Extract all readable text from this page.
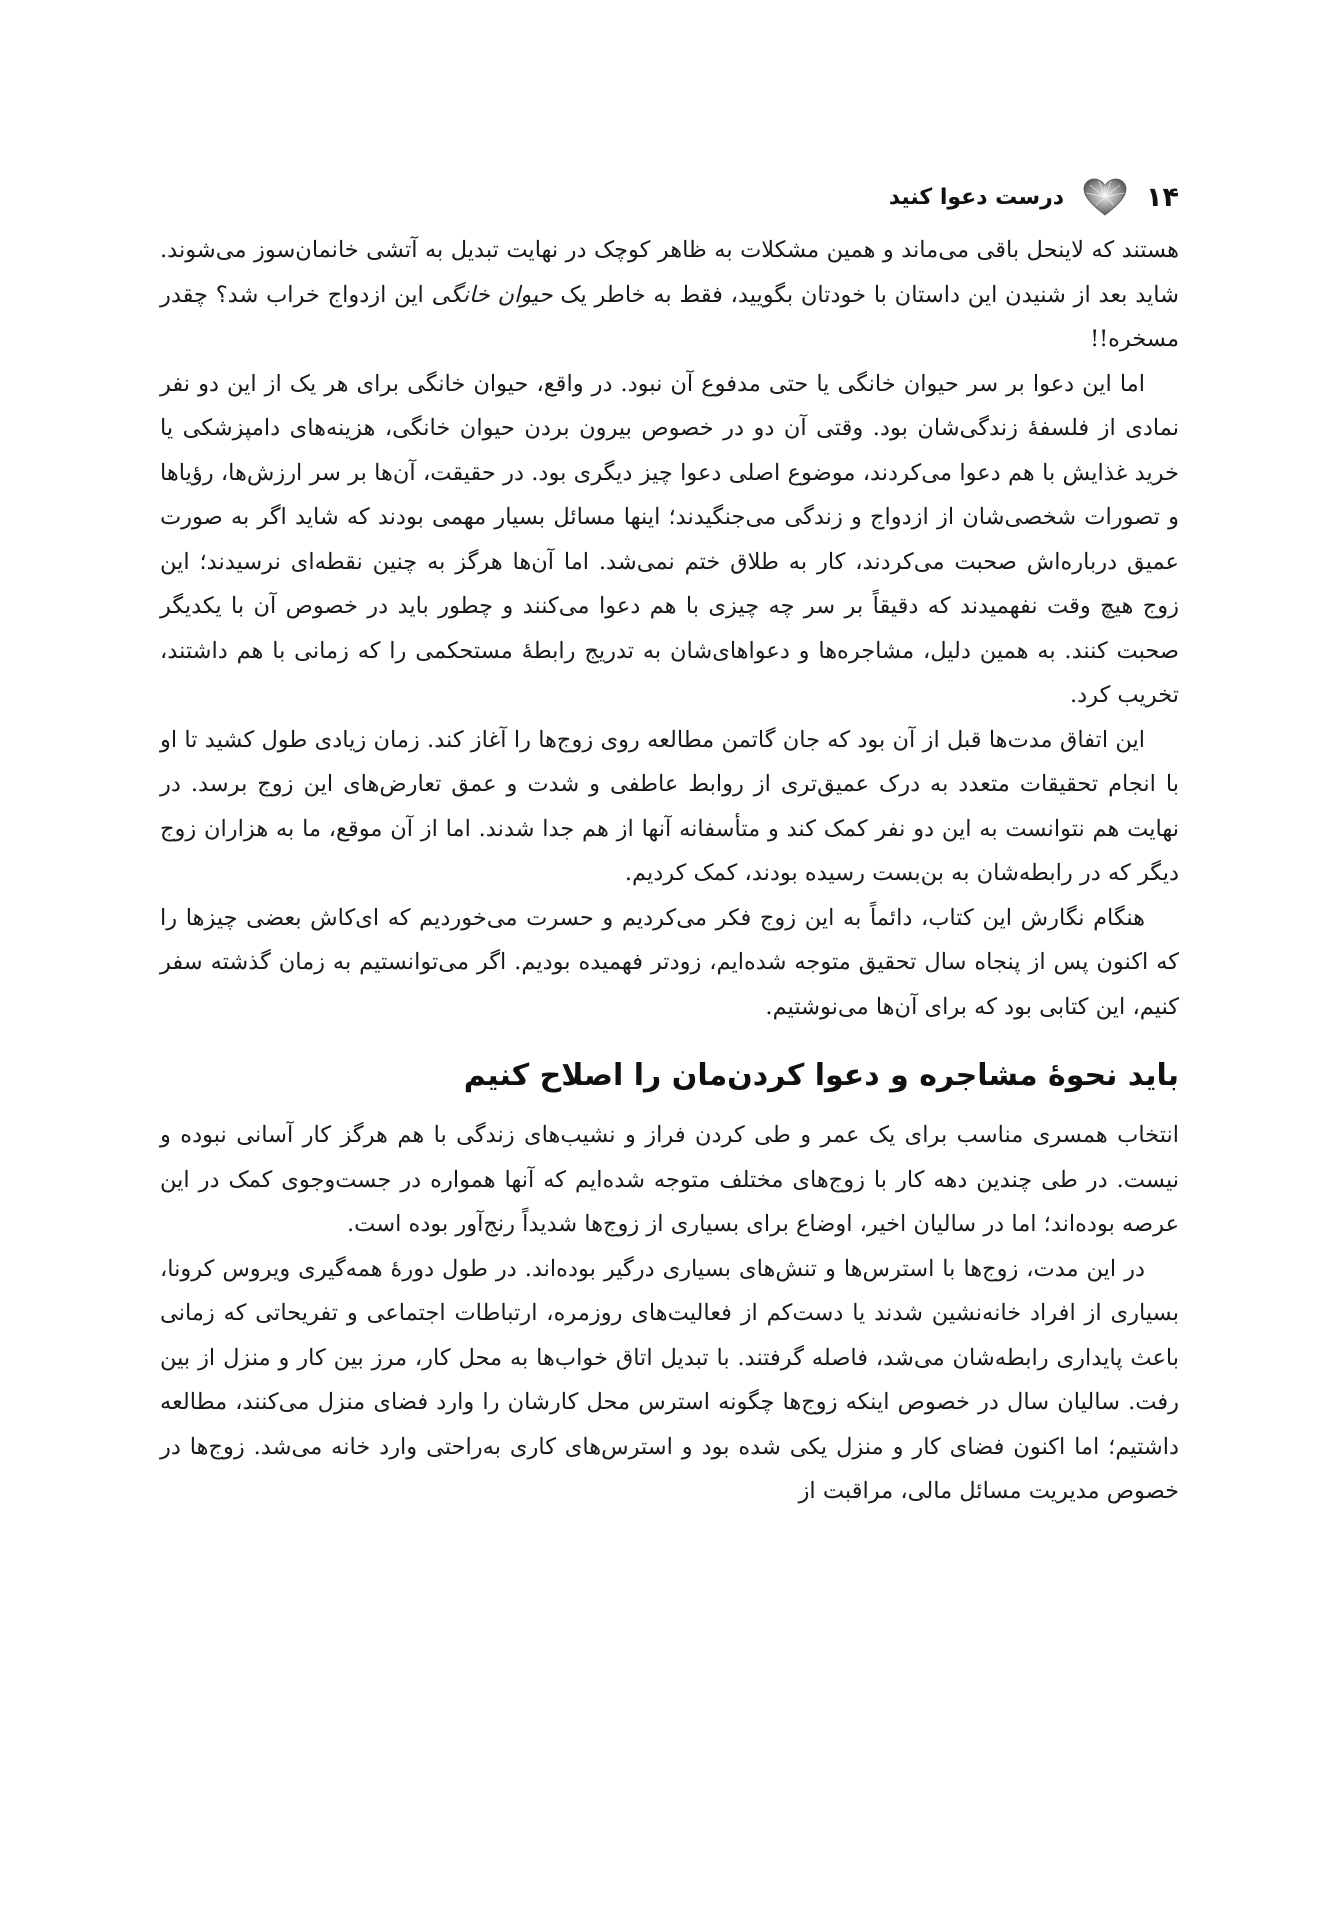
۱۴
درست دعوا کنید

هستند که لاینحل باقی می‌ماند و همین مشکلات به ظاهر کوچک در نهایت تبدیل به آتشی خانمان‌سوز می‌شوند. شاید بعد از شنیدن این داستان با خودتان بگویید، فقط به خاطر یک حیوان خانگی این ازدواج خراب شد؟ چقدر مسخره!!

اما این دعوا بر سر حیوان خانگی یا حتی مدفوع آن نبود. در واقع، حیوان خانگی برای هر یک از این دو نفر نمادی از فلسفهٔ زندگی‌شان بود. وقتی آن دو در خصوص بیرون بردن حیوان خانگی، هزینه‌های دامپزشکی یا خرید غذایش با هم دعوا می‌کردند، موضوع اصلی دعوا چیز دیگری بود. در حقیقت، آن‌ها بر سر ارزش‌ها، رؤیاها و تصورات شخصی‌شان از ازدواج و زندگی می‌جنگیدند؛ اینها مسائل بسیار مهمی بودند که شاید اگر به صورت عمیق درباره‌اش صحبت می‌کردند، کار به طلاق ختم نمی‌شد. اما آن‌ها هرگز به چنین نقطه‌ای نرسیدند؛ این زوج هیچ وقت نفهمیدند که دقیقاً بر سر چه چیزی با هم دعوا می‌کنند و چطور باید در خصوص آن با یکدیگر صحبت کنند. به همین دلیل، مشاجره‌ها و دعواهای‌شان به تدریج رابطهٔ مستحکمی را که زمانی با هم داشتند، تخریب کرد.

این اتفاق مدت‌ها قبل از آن بود که جان گاتمن مطالعه روی زوج‌ها را آغاز کند. زمان زیادی طول کشید تا او با انجام تحقیقات متعدد به درک عمیق‌تری از روابط عاطفی و شدت و عمق تعارض‌های این زوج برسد. در نهایت هم نتوانست به این دو نفر کمک کند و متأسفانه آنها از هم جدا شدند. اما از آن موقع، ما به هزاران زوج دیگر که در رابطه‌شان به بن‌بست رسیده بودند، کمک کردیم.

هنگام نگارش این کتاب، دائماً به این زوج فکر می‌کردیم و حسرت می‌خوردیم که ای‌کاش بعضی چیزها را که اکنون پس از پنجاه سال تحقیق متوجه شده‌ایم، زودتر فهمیده بودیم. اگر می‌توانستیم به زمان گذشته سفر کنیم، این کتابی بود که برای آن‌ها می‌نوشتیم.

باید نحوهٔ مشاجره و دعوا کردن‌مان را اصلاح کنیم

انتخاب همسری مناسب برای یک عمر و طی کردن فراز و نشیب‌های زندگی با هم هرگز کار آسانی نبوده و نیست. در طی چندین دهه کار با زوج‌های مختلف متوجه شده‌ایم که آنها همواره در جست‌وجوی کمک در این عرصه بوده‌اند؛ اما در سالیان اخیر، اوضاع برای بسیاری از زوج‌ها شدیداً رنج‌آور بوده است.

در این مدت، زوج‌ها با استرس‌ها و تنش‌های بسیاری درگیر بوده‌اند. در طول دورهٔ همه‌گیری ویروس کرونا، بسیاری از افراد خانه‌نشین شدند یا دست‌کم از فعالیت‌های روزمره، ارتباطات اجتماعی و تفریحاتی که زمانی باعث پایداری رابطه‌شان می‌شد، فاصله گرفتند. با تبدیل اتاق خواب‌ها به محل کار، مرز بین کار و منزل از بین رفت. سالیان سال در خصوص اینکه زوج‌ها چگونه استرس محل کارشان را وارد فضای منزل می‌کنند، مطالعه داشتیم؛ اما اکنون فضای کار و منزل یکی شده بود و استرس‌های کاری به‌راحتی وارد خانه می‌شد. زوج‌ها در خصوص مدیریت مسائل مالی، مراقبت از
